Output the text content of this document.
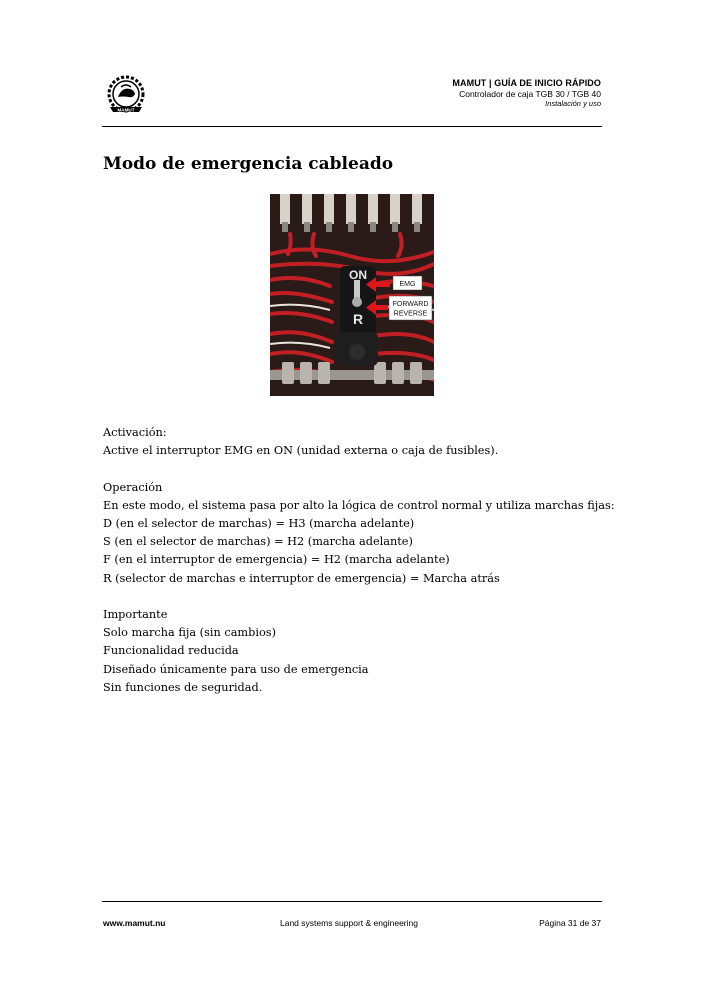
MAMUT
MAMUT | GUÍA DE INICIO RÁPIDO
Controlador de caja TGB 30 / TGB 40
Instalación y uso
Modo de emergencia cableado
ON
R
EMG
FORWARD
REVERSE

Activación:

Active el interruptor EMG en ON (unidad externa o caja de fusibles).

Operación

En este modo, el sistema pasa por alto la lógica de control normal y utiliza marchas fijas:

D (en el selector de marchas) = H3 (marcha adelante)

S (en el selector de marchas) = H2 (marcha adelante)

F (en el interruptor de emergencia) = H2 (marcha adelante)

R (selector de marchas e interruptor de emergencia) = Marcha atrás

Importante

Solo marcha fija (sin cambios)

Funcionalidad reducida

Diseñado únicamente para uso de emergencia

Sin funciones de seguridad.

www.mamut.nu	Land systems support & engineering	Página 31 de 37
